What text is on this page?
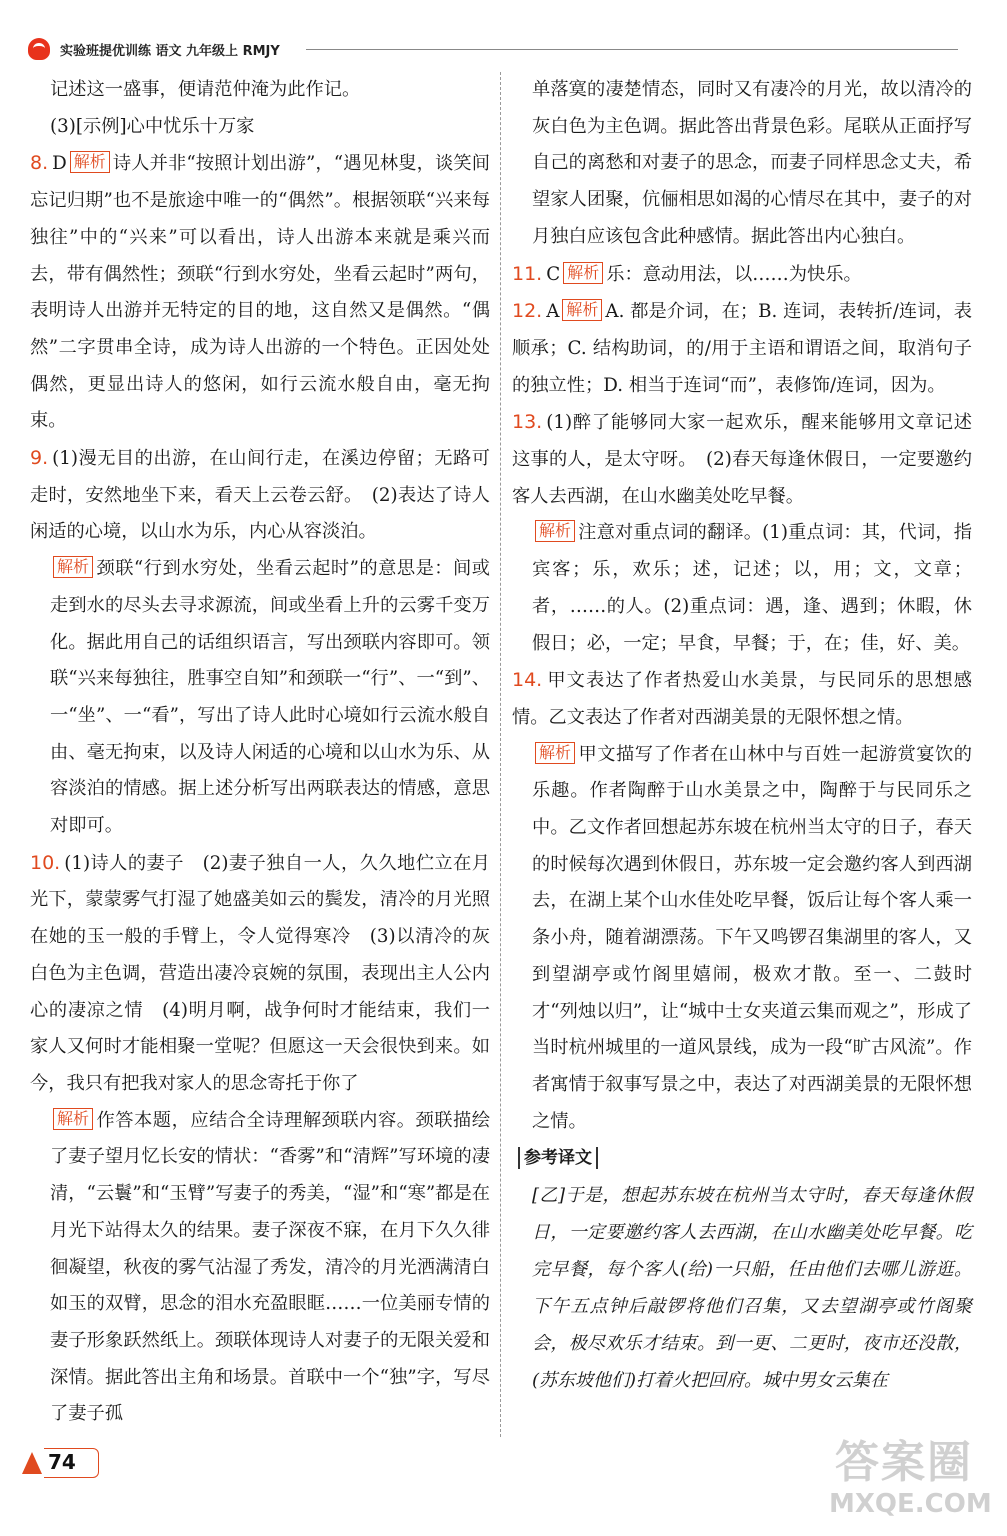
实验班提优训练 语文 九年级上 RMJY

记述这一盛事，便请范仲淹为此作记。

(3)[示例]心中忧乐十万家

8. D 解析 诗人并非“按照计划出游”，“遇见林叟，谈笑间忘记归期”也不是旅途中唯一的“偶然”。根据领联“兴来每独往”中的“兴来”可以看出，诗人出游本来就是乘兴而去，带有偶然性；颈联“行到水穷处，坐看云起时”两句，表明诗人出游并无特定的目的地，这自然又是偶然。“偶然”二字贯串全诗，成为诗人出游的一个特色。正因处处偶然，更显出诗人的悠闲，如行云流水般自由，毫无拘束。

9. (1)漫无目的出游，在山间行走，在溪边停留；无路可走时，安然地坐下来，看天上云卷云舒。　(2)表达了诗人闲适的心境，以山水为乐，内心从容淡泊。

解析 颈联“行到水穷处，坐看云起时”的意思是：间或走到水的尽头去寻求源流，间或坐看上升的云雾千变万化。据此用自己的话组织语言，写出颈联内容即可。领联“兴来每独往，胜事空自知”和颈联一“行”、一“到”、一“坐”、一“看”，写出了诗人此时心境如行云流水般自由、毫无拘束，以及诗人闲适的心境和以山水为乐、从容淡泊的情感。据上述分析写出两联表达的情感，意思对即可。

10. (1)诗人的妻子　(2)妻子独自一人，久久地伫立在月光下，蒙蒙雾气打湿了她盛美如云的鬓发，清冷的月光照在她的玉一般的手臂上，令人觉得寒冷　(3)以清冷的灰白色为主色调，营造出凄冷哀婉的氛围，表现出主人公内心的凄凉之情　(4)明月啊，战争何时才能结束，我们一家人又何时才能相聚一堂呢？但愿这一天会很快到来。如今，我只有把我对家人的思念寄托于你了

解析 作答本题，应结合全诗理解颈联内容。颈联描绘了妻子望月忆长安的情状：“香雾”和“清辉”写环境的凄清，“云鬟”和“玉臂”写妻子的秀美，“湿”和“寒”都是在月光下站得太久的结果。妻子深夜不寐，在月下久久徘徊凝望，秋夜的雾气沾湿了秀发，清冷的月光洒满清白如玉的双臂，思念的泪水充盈眼眶……一位美丽专情的妻子形象跃然纸上。颈联体现诗人对妻子的无限关爱和深情。据此答出主角和场景。首联中一个“独”字，写尽了妻子孤

单落寞的凄楚情态，同时又有凄冷的月光，故以清冷的灰白色为主色调。据此答出背景色彩。尾联从正面抒写自己的离愁和对妻子的思念，而妻子同样思念丈夫，希望家人团聚，伉俪相思如渴的心情尽在其中，妻子的对月独白应该包含此种感情。据此答出内心独白。

11. C 解析 乐：意动用法，以……为快乐。

12. A 解析 A. 都是介词，在；B. 连词，表转折/连词，表顺承；C. 结构助词，的/用于主语和谓语之间，取消句子的独立性；D. 相当于连词“而”，表修饰/连词，因为。

13. (1)醉了能够同大家一起欢乐，醒来能够用文章记述这事的人，是太守呀。　(2)春天每逢休假日，一定要邀约客人去西湖，在山水幽美处吃早餐。

解析 注意对重点词的翻译。(1)重点词：其，代词，指宾客；乐，欢乐；述，记述；以，用；文，文章；者，……的人。(2)重点词：遇，逢、遇到；休暇，休假日；必，一定；早食，早餐；于，在；佳，好、美。

14. 甲文表达了作者热爱山水美景，与民同乐的思想感情。乙文表达了作者对西湖美景的无限怀想之情。

解析 甲文描写了作者在山林中与百姓一起游赏宴饮的乐趣。作者陶醉于山水美景之中，陶醉于与民同乐之中。乙文作者回想起苏东坡在杭州当太守的日子，春天的时候每次遇到休假日，苏东坡一定会邀约客人到西湖去，在湖上某个山水佳处吃早餐，饭后让每个客人乘一条小舟，随着湖漂荡。下午又鸣锣召集湖里的客人，又到望湖亭或竹阁里嬉闹，极欢才散。至一、二鼓时才“列烛以归”，让“城中士女夹道云集而观之”，形成了当时杭州城里的一道风景线，成为一段“旷古风流”。作者寓情于叙事写景之中，表达了对西湖美景的无限怀想之情。

参考译文

[乙]于是，想起苏东坡在杭州当太守时，春天每逢休假日，一定要邀约客人去西湖，在山水幽美处吃早餐。吃完早餐，每个客人(给)一只船，任由他们去哪儿游逛。下午五点钟后敲锣将他们召集，又去望湖亭或竹阁聚会，极尽欢乐才结束。到一更、二更时，夜市还没散，(苏东坡他们)打着火把回府。城中男女云集在

74	答案圈
MXQE.COM
